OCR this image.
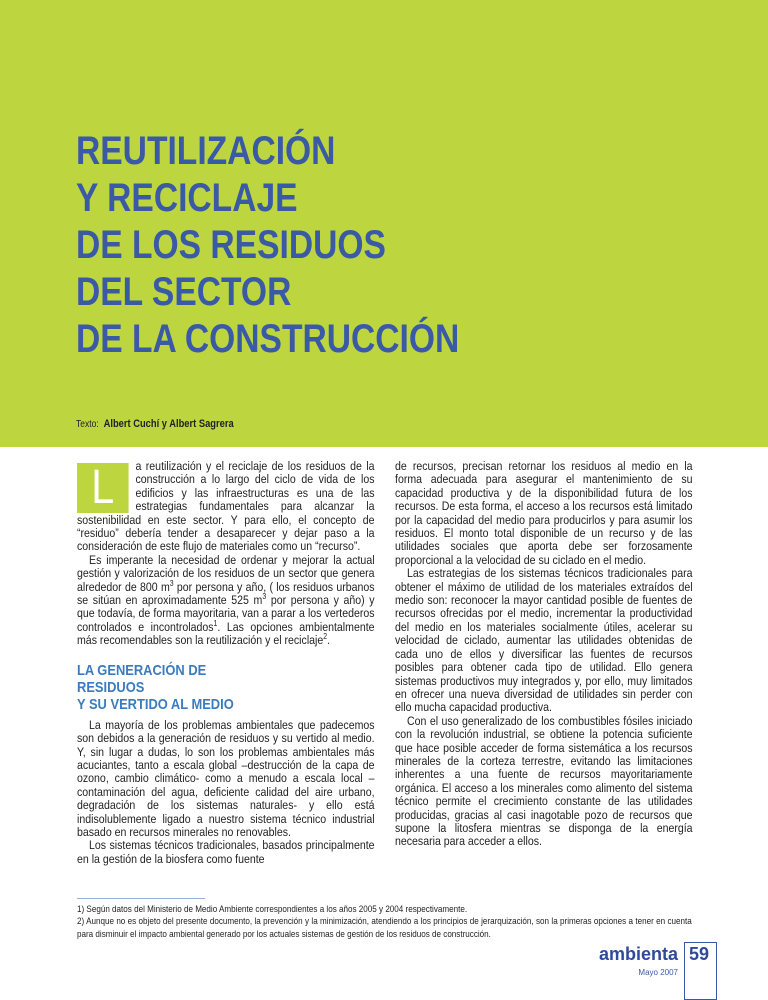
REUTILIZACIÓN
Y RECICLAJE
DE LOS RESIDUOS
DEL SECTOR
DE LA CONSTRUCCIÓN
Texto: Albert Cuchí y Albert Sagrera

L	a reutilización y el reciclaje de los residuos de la construcción a lo largo del ciclo de vida de los edificios y las infraestructuras es una de las estrategias fundamentales para alcanzar la sostenibilidad en este sector. Y para ello, el concepto de “residuo” debería tender a desaparecer y dejar paso a la consideración de este flujo de materiales como un “recurso”.

Es imperante la necesidad de ordenar y mejorar la actual gestión y valorización de los residuos de un sector que genera alrededor de 800 $m^3$ por persona y año, ( los residuos urbanos se sitúan en aproximadamente 525 $m^3$ por persona y año) y que todavía, de forma mayoritaria, van a parar a los vertederos controlados e incontrolados$^1$. Las opciones ambientalmente más recomendables son la reutilización y el reciclaje$^2$.

LA GENERACIÓN DE
RESIDUOS
Y SU VERTIDO AL MEDIO

La mayoría de los problemas ambientales que padecemos son debidos a la generación de residuos y su vertido al medio. Y, sin lugar a dudas, lo son los problemas ambientales más acuciantes, tanto a escala global –destrucción de la capa de ozono, cambio climático- como a menudo a escala local –contaminación del agua, deficiente calidad del aire urbano, degradación de los sistemas naturales- y ello está indisolublemente ligado a nuestro sistema técnico industrial basado en recursos minerales no renovables.

Los sistemas técnicos tradicionales, basados principalmente en la gestión de la biosfera como fuente

de recursos, precisan retornar los residuos al medio en la forma adecuada para asegurar el mantenimiento de su capacidad productiva y de la disponibilidad futura de los recursos. De esta forma, el acceso a los recursos está limitado por la capacidad del medio para producirlos y para asumir los residuos. El monto total disponible de un recurso y de las utilidades sociales que aporta debe ser forzosamente proporcional a la velocidad de su ciclado en el medio.

Las estrategias de los sistemas técnicos tradicionales para obtener el máximo de utilidad de los materiales extraídos del medio son: reconocer la mayor cantidad posible de fuentes de recursos ofrecidas por el medio, incrementar la productividad del medio en los materiales socialmente útiles, acelerar su velocidad de ciclado, aumentar las utilidades obtenidas de cada uno de ellos y diversificar las fuentes de recursos posibles para obtener cada tipo de utilidad. Ello genera sistemas productivos muy integrados y, por ello, muy limitados en ofrecer una nueva diversidad de utilidades sin perder con ello mucha capacidad productiva.

Con el uso generalizado de los combustibles fósiles iniciado con la revolución industrial, se obtiene la potencia suficiente que hace posible acceder de forma sistemática a los recursos minerales de la corteza terrestre, evitando las limitaciones inherentes a una fuente de recursos mayoritariamente orgánica. El acceso a los minerales como alimento del sistema técnico permite el crecimiento constante de las utilidades producidas, gracias al casi inagotable pozo de recursos que supone la litosfera mientras se disponga de la energía necesaria para acceder a ellos.

1) Según datos del Ministerio de Medio Ambiente correspondientes a los años 2005 y 2004 respectivamente.
2) Aunque no es objeto del presente documento, la prevención y la minimización, atendiendo a los principios de jerarquización, son la primeras opciones a tener en cuenta para disminuir el impacto ambiental generado por los actuales sistemas de gestión de los residuos de construcción.
ambienta
Mayo 2007
59
